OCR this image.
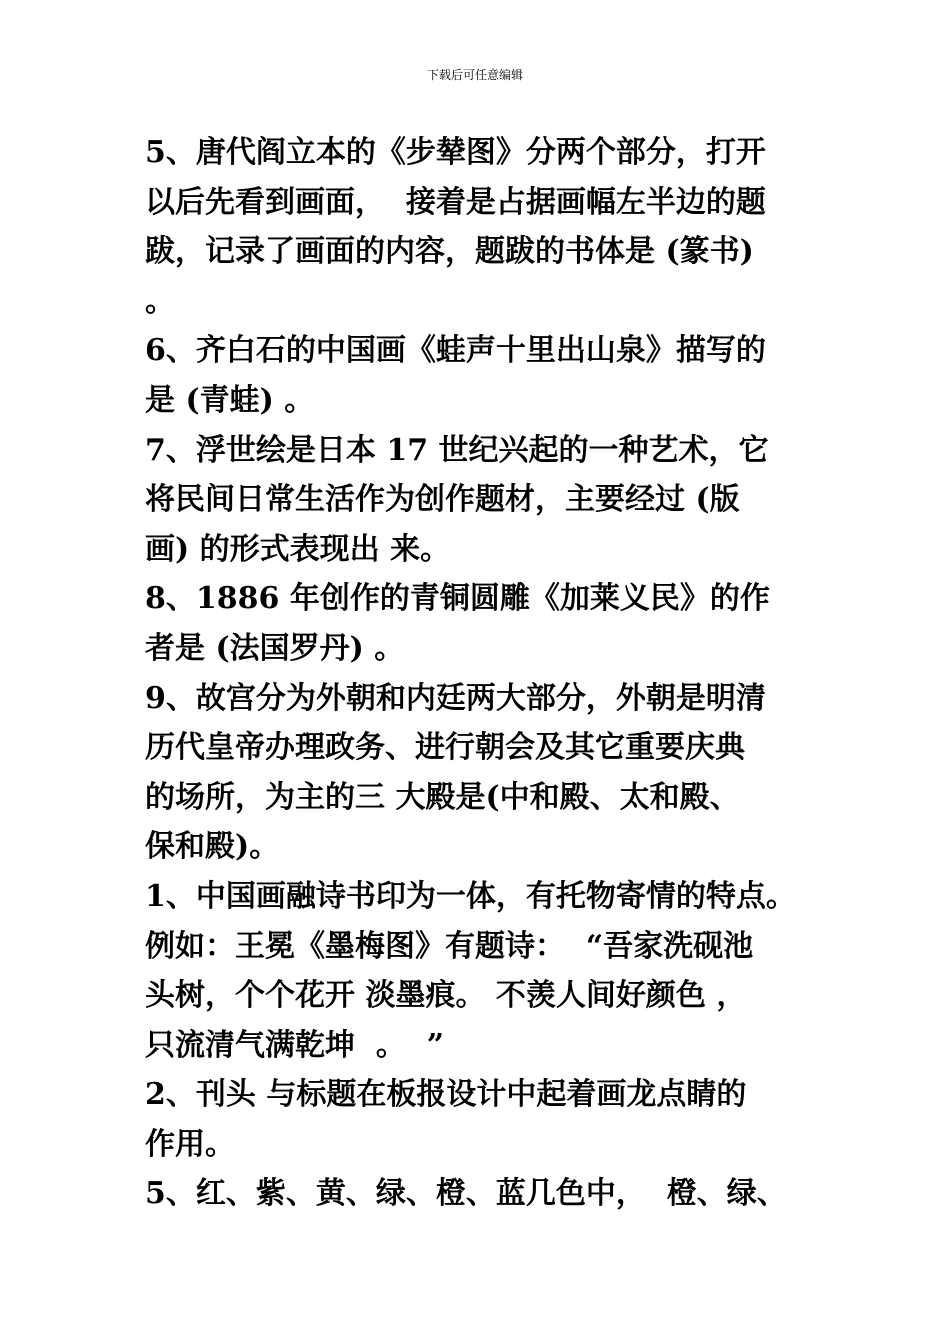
下载后可任意编辑
5、唐代阎立本的《步辇图》分两个部分，打开
以后先看到画面，  接着是占据画幅左半边的题
跋，记录了画面的内容，题跋的书体是 (篆书)
。
6、齐白石的中国画《蛙声十里出山泉》描写的
是 (青蛙) 。
7、浮世绘是日本 17 世纪兴起的一种艺术，它
将民间日常生活作为创作题材，主要经过 (版
画) 的形式表现出 来。
8、1886 年创作的青铜圆雕《加莱义民》的作
者是 (法国罗丹) 。
9、故宫分为外朝和内廷两大部分，外朝是明清
历代皇帝办理政务、进行朝会及其它重要庆典
的场所，为主的三 大殿是(中和殿、太和殿、
保和殿)。
1、中国画融诗书印为一体，有托物寄情的特点。
例如：王冕《墨梅图》有题诗：  “吾家洗砚池
头树，个个花开 淡墨痕。 不羡人间好颜色 ，
只流清气满乾坤  。  ”
2、刊头 与标题在板报设计中起着画龙点睛的
作用。
5、红、紫、黄、绿、橙、蓝几色中，  橙、绿、
